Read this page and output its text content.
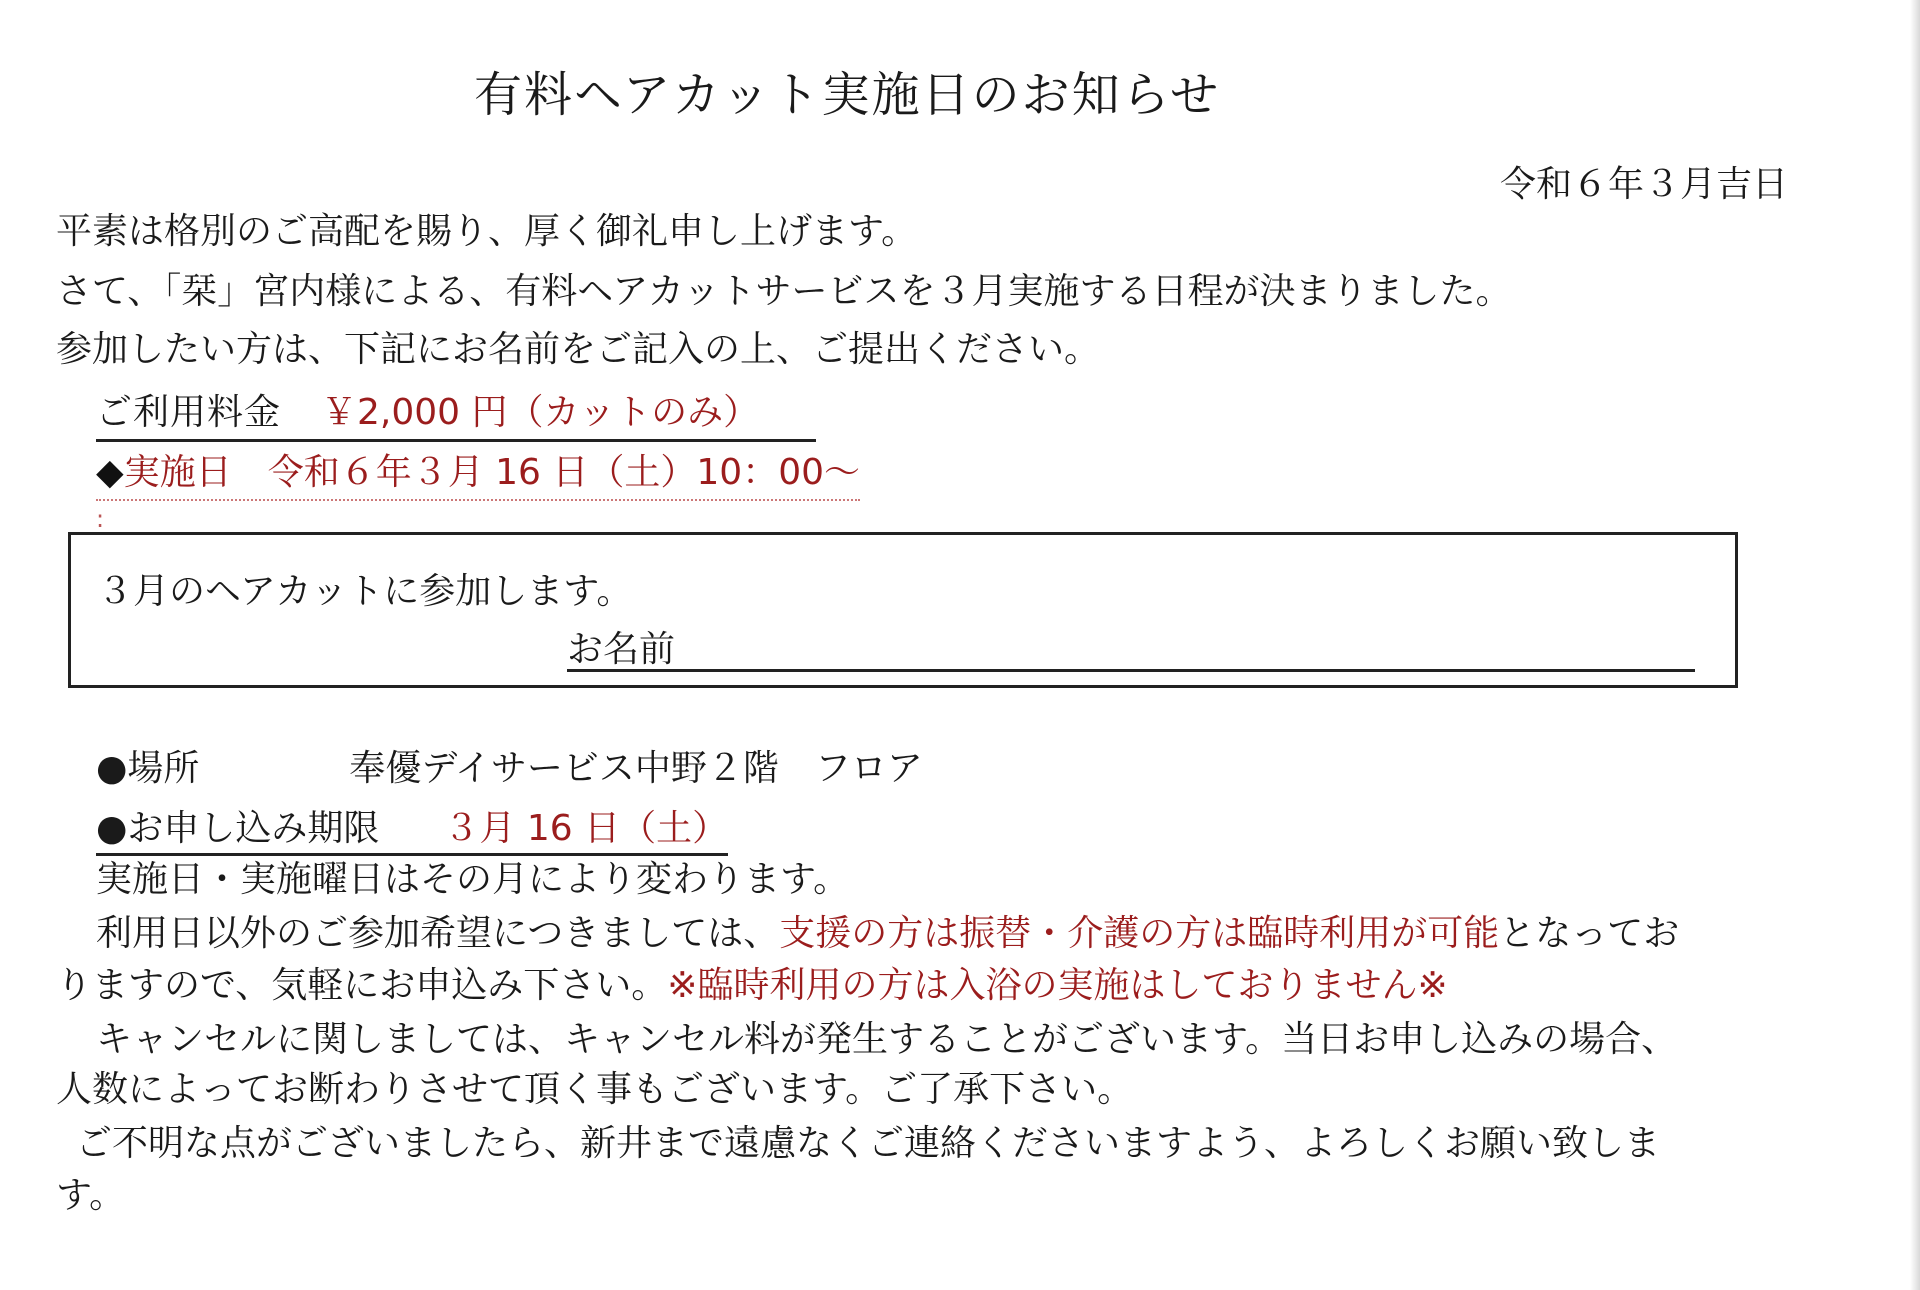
有料ヘアカット実施日のお知らせ
令和６年３月吉日
平素は格別のご高配を賜り、厚く御礼申し上げます。
さて、「栞」宮内様による、有料ヘアカットサービスを３月実施する日程が決まりました。
参加したい方は、下記にお名前をご記入の上、ご提出ください。
ご利用料金 ￥2,000 円（カットのみ）
◆実施日　令和６年３月 16 日（土）10：00～
:
３月のヘアカットに参加します。
お名前
●場所	奉優デイサービス中野２階　フロア
●お申し込み期限 ３月 16 日（土）
実施日・実施曜日はその月により変わります。
利用日以外のご参加希望につきましては、支援の方は振替・介護の方は臨時利用が可能となってお
りますので、気軽にお申込み下さい。※臨時利用の方は入浴の実施はしておりません※
キャンセルに関しましては、キャンセル料が発生することがございます。当日お申し込みの場合、
人数によってお断わりさせて頂く事もございます。ご了承下さい。
ご不明な点がございましたら、新井まで遠慮なくご連絡くださいますよう、よろしくお願い致しま
す。
